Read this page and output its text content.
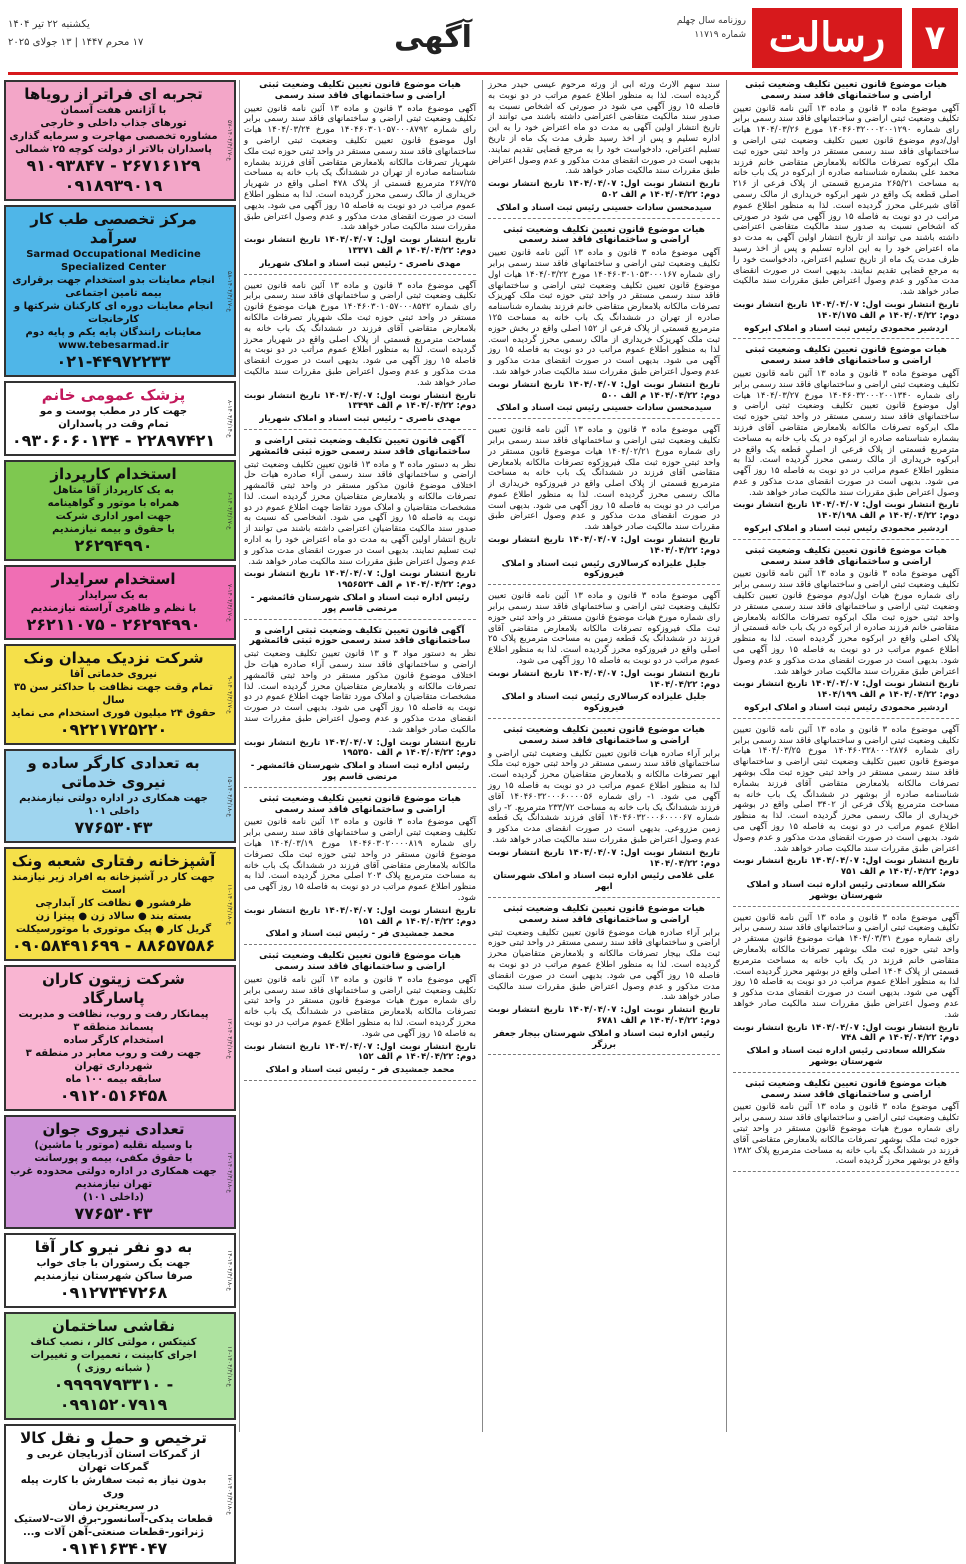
۷
رسالت
روزنامه سال چهلم
شماره ۱۱۷۱۹
آگهی
یکشنبه ۲۲ تیر ۱۴۰۴
۱۷ محرم ۱۴۴۷ | ۱۳ جولای ۲۰۲۵
هیات موضوع قانون تعیین تکلیف وضعیت ثبتی اراضی و ساختمانهای فاقد سند رسمی

آگهی موضوع ماده ۳ قانون و ماده ۱۳ آئین نامه قانون تعیین تکلیف وضعیت ثبتی اراضی و ساختمانهای فاقد سند رسمی برابر رای شماره ۱۴۰۴۶۰۳۲۰۰۰۲۰۰۱۲۹۰ مورخ ۱۴۰۴/۰۳/۲۶ هیات اول/دوم موضوع قانون تعیین تکلیف وضعیت ثبتی اراضی و ساختمانهای فاقد سند رسمی مستقر در واحد ثبتی حوزه ثبت ملک ابرکوه تصرفات مالکانه بلامعارض متقاضی خانم فرزند محمد علی بشماره شناسنامه صادره از ابرکوه در یک باب خانه به مساحت ۲۶۵/۲۱ مترمربع قسمتی از پلاک فرعی از ۲۱۶ اصلی قطعه یک واقع در شهر ابرکوه خریداری از مالک رسمی آقای شیرعلی محرز گردیده است. لذا به منظور اطلاع عموم مراتب در دو نوبت به فاصله ۱۵ روز آگهی می شود در صورتی که اشخاص نسبت به صدور سند مالکیت متقاضی اعتراضی داشته باشند می توانند از تاریخ انتشار اولین آگهی به مدت دو ماه اعتراض خود را به این اداره تسلیم و پس از اخذ رسید ظرف مدت یک ماه از تاریخ تسلیم اعتراض، دادخواست خود را به مرجع قضایی تقدیم نمایند. بدیهی است در صورت انقضای مدت مذکور و عدم وصول اعتراض طبق مقررات سند مالکیت صادر خواهد شد.

تاریخ انتشار نوبت اول: ۱۴۰۴/۰۴/۰۷ تاریخ انتشار نوبت دوم: ۱۴۰۴/۰۴/۲۲ م الف ۱۴۰۴/۱۷۵
اردشیر محمودی رئیس ثبت اسناد و املاک ابرکوه
هیات موضوع قانون تعیین تکلیف وضعیت ثبتی اراضی و ساختمانهای فاقد سند رسمی

آگهی موضوع ماده ۳ قانون و ماده ۱۳ آئین نامه قانون تعیین تکلیف وضعیت ثبتی اراضی و ساختمانهای فاقد سند رسمی برابر رای شماره ۱۴۰۴۶۰۳۲۰۰۰۲۰۰۱۳۴۰ مورخ ۱۴۰۴/۰۳/۲۷ هیات اول موضوع قانون تعیین تکلیف وضعیت ثبتی اراضی و ساختمانهای فاقد سند رسمی مستقر در واحد ثبتی حوزه ثبت ملک ابرکوه تصرفات مالکانه بلامعارض متقاضی آقای فرزند بشماره شناسنامه صادره از ابرکوه در یک باب خانه به مساحت مترمربع قسمتی از پلاک فرعی از اصلی قطعه یک واقع در ابرکوه خریداری از مالک رسمی محرز گردیده است. لذا به منظور اطلاع عموم مراتب در دو نوبت به فاصله ۱۵ روز آگهی می شود. بدیهی است در صورت انقضای مدت مذکور و عدم وصول اعتراض طبق مقررات سند مالکیت صادر خواهد شد.

تاریخ انتشار نوبت اول: ۱۴۰۴/۰۴/۰۷ تاریخ انتشار نوبت دوم: ۱۴۰۴/۰۴/۲۲ م الف ۱۴۰۴/۱۹۸
اردشیر محمودی رئیس ثبت اسناد و املاک ابرکوه
هیات موضوع قانون تعیین تکلیف وضعیت ثبتی اراضی و ساختمانهای فاقد سند رسمی

آگهی موضوع ماده ۳ قانون و ماده ۱۳ آئین نامه قانون تعیین تکلیف وضعیت ثبتی اراضی و ساختمانهای فاقد سند رسمی برابر رای شماره مورخ هیات اول/دوم موضوع قانون تعیین تکلیف وضعیت ثبتی اراضی و ساختمانهای فاقد سند رسمی مستقر در واحد ثبتی حوزه ثبت ملک ابرکوه تصرفات مالکانه بلامعارض متقاضی خانم فرزند صادره از ابرکوه در یک باب خانه قسمتی از پلاک اصلی واقع در ابرکوه محرز گردیده است. لذا به منظور اطلاع عموم مراتب در دو نوبت به فاصله ۱۵ روز آگهی می شود. بدیهی است در صورت انقضای مدت مذکور و عدم وصول اعتراض طبق مقررات سند مالکیت صادر خواهد شد.

تاریخ انتشار نوبت اول: ۱۴۰۴/۰۴/۰۷ تاریخ انتشار نوبت دوم: ۱۴۰۴/۰۴/۲۲ م الف ۱۴۰۴/۱۹۹
اردشیر محمودی رئیس ثبت اسناد و املاک ابرکوه

آگهی موضوع ماده ۳ قانون و ماده ۱۳ آئین نامه قانون تعیین تکلیف وضعیت ثبتی اراضی و ساختمانهای فاقد سند رسمی برابر رای شماره ۱۴۰۴۶۰۳۲۸۰۰۰۲۸۷۶ مورخ ۱۴۰۴/۰۳/۲۵ هیات موضوع قانون تعیین تکلیف وضعیت ثبتی اراضی و ساختمانهای فاقد سند رسمی مستقر در واحد ثبتی حوزه ثبت ملک بوشهر تصرفات مالکانه بلامعارض متقاضی آقای فرزند بشماره شناسنامه صادره از بوشهر در ششدانگ یک باب خانه به مساحت مترمربع پلاک فرعی از ۳۴۰۲ اصلی واقع در بوشهر خریداری از مالک رسمی محرز گردیده است. لذا به منظور اطلاع عموم مراتب در دو نوبت به فاصله ۱۵ روز آگهی می شود. بدیهی است در صورت انقضای مدت مذکور و عدم وصول اعتراض طبق مقررات سند مالکیت صادر خواهد شد.

تاریخ انتشار نوبت اول: ۱۴۰۴/۰۴/۰۷ تاریخ انتشار نوبت دوم: ۱۴۰۴/۰۴/۲۲ م الف ۷۵۱
شکرالله سعادتی رئیس اداره ثبت اسناد و املاک شهرستان بوشهر

آگهی موضوع ماده ۳ قانون و ماده ۱۳ آئین نامه قانون تعیین تکلیف وضعیت ثبتی اراضی و ساختمانهای فاقد سند رسمی برابر رای شماره مورخ ۱۴۰۴/۰۳/۳۱ هیات موضوع قانون مستقر در واحد ثبتی حوزه ثبت ملک بوشهر تصرفات مالکانه بلامعارض متقاضی خانم فرزند در یک باب خانه به مساحت مترمربع قسمتی از پلاک ۱۴۰۴ اصلی واقع در بوشهر محرز گردیده است. لذا به منظور اطلاع عموم مراتب در دو نوبت به فاصله ۱۵ روز آگهی می شود. بدیهی است در صورت انقضای مدت مذکور و عدم وصول اعتراض طبق مقررات سند مالکیت صادر خواهد شد.

تاریخ انتشار نوبت اول: ۱۴۰۴/۰۴/۰۷ تاریخ انتشار نوبت دوم: ۱۴۰۴/۰۴/۲۲ م الف ۷۴۸
شکرالله سعادتی رئیس اداره ثبت اسناد و املاک شهرستان بوشهر
هیات موضوع قانون تعیین تکلیف وضعیت ثبتی اراضی و ساختمانهای فاقد سند رسمی

آگهی موضوع ماده ۳ قانون و ماده ۱۳ آئین نامه قانون تعیین تکلیف وضعیت ثبتی اراضی و ساختمانهای فاقد سند رسمی برابر رای شماره مورخ هیات موضوع قانون مستقر در واحد ثبتی حوزه ثبت ملک بوشهر تصرفات مالکانه بلامعارض متقاضی آقای فرزند در ششدانگ یک باب خانه به مساحت مترمربع پلاک ۱۳۸۲ واقع در بوشهر محرز گردیده است.

سند سهم الارث ورثه ابی از ورثه مرحوم عیسی حیدر محرز گردیده است. لذا به منظور اطلاع عموم مراتب در دو نوبت به فاصله ۱۵ روز آگهی می شود در صورتی که اشخاص نسبت به صدور سند مالکیت متقاضی اعتراضی داشته باشند می توانند از تاریخ انتشار اولین آگهی به مدت دو ماه اعتراض خود را به این اداره تسلیم و پس از اخذ رسید ظرف مدت یک ماه از تاریخ تسلیم اعتراض، دادخواست خود را به مرجع قضایی تقدیم نمایند. بدیهی است در صورت انقضای مدت مذکور و عدم وصول اعتراض طبق مقررات سند مالکیت صادر خواهد شد.

تاریخ انتشار نوبت اول: ۱۴۰۴/۰۴/۰۷ تاریخ انتشار نوبت دوم: ۱۴۰۴/۰۴/۲۲ م الف ۵۰۲
سیدمحسن سادات حسینی رئیس ثبت اسناد و املاک
هیات موضوع قانون تعیین تکلیف وضعیت ثبتی اراضی و ساختمانهای فاقد سند رسمی

آگهی موضوع ماده ۳ قانون و ماده ۱۳ آئین نامه قانون تعیین تکلیف وضعیت ثبتی اراضی و ساختمانهای فاقد سند رسمی برابر رای شماره ۱۴۰۴۶۰۳۰۱۰۵۳۰۰۰۱۶۷ مورخ ۱۴۰۴/۰۳/۲۲ هیات اول موضوع قانون تعیین تکلیف وضعیت ثبتی اراضی و ساختمانهای فاقد سند رسمی مستقر در واحد ثبتی حوزه ثبت ملک کهریزک تصرفات مالکانه بلامعارض متقاضی خانم فرزند بشماره شناسنامه صادره از تهران در ششدانگ یک باب خانه به مساحت ۱۲۵ مترمربع قسمتی از پلاک فرعی از ۱۵۲ اصلی واقع در بخش حوزه ثبت ملک کهریزک خریداری از مالک رسمی محرز گردیده است. لذا به منظور اطلاع عموم مراتب در دو نوبت به فاصله ۱۵ روز آگهی می شود. بدیهی است در صورت انقضای مدت مذکور و عدم وصول اعتراض طبق مقررات سند مالکیت صادر خواهد شد.

تاریخ انتشار نوبت اول: ۱۴۰۴/۰۴/۰۷ تاریخ انتشار نوبت دوم: ۱۴۰۴/۰۴/۲۲ م الف ۵۰۰
سیدمحسن سادات حسینی رئیس ثبت اسناد و املاک

آگهی موضوع ماده ۳ قانون و ماده ۱۳ آئین نامه قانون تعیین تکلیف وضعیت ثبتی اراضی و ساختمانهای فاقد سند رسمی برابر رای شماره مورخ ۱۴۰۴/۰۲/۲۱ هیات موضوع قانون مستقر در واحد ثبتی حوزه ثبت ملک فیروزکوه تصرفات مالکانه بلامعارض متقاضی آقای فرزند در ششدانگ یک باب خانه به مساحت مترمربع قسمتی از پلاک اصلی واقع در فیروزکوه خریداری از مالک رسمی محرز گردیده است. لذا به منظور اطلاع عموم مراتب در دو نوبت به فاصله ۱۵ روز آگهی می شود. بدیهی است در صورت انقضای مدت مذکور و عدم وصول اعتراض طبق مقررات سند مالکیت صادر خواهد شد.

تاریخ انتشار نوبت اول: ۱۴۰۴/۰۴/۰۷ تاریخ انتشار نوبت دوم: ۱۴۰۴/۰۴/۲۲
جلیل علیزاده کرسالاری رئیس ثبت اسناد و املاک فیروزکوه

آگهی موضوع ماده ۳ قانون و ماده ۱۳ آئین نامه قانون تعیین تکلیف وضعیت ثبتی اراضی و ساختمانهای فاقد سند رسمی برابر رای شماره مورخ هیات موضوع قانون مستقر در واحد ثبتی حوزه ثبت ملک فیروزکوه تصرفات مالکانه بلامعارض متقاضی آقای فرزند در ششدانگ یک قطعه زمین به مساحت مترمربع پلاک ۲۵ اصلی واقع در فیروزکوه محرز گردیده است. لذا به منظور اطلاع عموم مراتب در دو نوبت به فاصله ۱۵ روز آگهی می شود.

تاریخ انتشار نوبت اول: ۱۴۰۴/۰۴/۰۷ تاریخ انتشار نوبت دوم: ۱۴۰۴/۰۴/۲۲
جلیل علیزاده کرسالاری رئیس ثبت اسناد و املاک فیروزکوه
هیات موضوع قانون تعیین تکلیف وضعیت ثبتی اراضی و ساختمانهای فاقد سند رسمی

برابر آراء صادره هیات قانون تعیین تکلیف وضعیت ثبتی اراضی و ساختمانهای فاقد سند رسمی مستقر در واحد ثبتی حوزه ثبت ملک ابهر تصرفات مالکانه و بلامعارض متقاضیان محرز گردیده است. لذا به منظور اطلاع عموم مراتب در دو نوبت به فاصله ۱۵ روز آگهی می شود. ۱- رای شماره ۱۴۰۴۶۰۳۲۰۰۰۶۰۰۰۰۵۶ آقای فرزند ششدانگ یک باب خانه به مساحت ۲۳۳/۷۲ مترمربع. ۲- رای شماره ۱۴۰۴۶۰۳۲۰۰۰۶۰۰۰۰۶۷ آقای فرزند ششدانگ یک قطعه زمین مزروعی. بدیهی است در صورت انقضای مدت مذکور و عدم وصول اعتراض طبق مقررات سند مالکیت صادر خواهد شد.

تاریخ انتشار نوبت اول: ۱۴۰۴/۰۴/۰۷ تاریخ انتشار نوبت دوم: ۱۴۰۴/۰۴/۲۲
علی غلامی رئیس اداره ثبت اسناد و املاک شهرستان ابهر
هیات موضوع قانون تعیین تکلیف وضعیت ثبتی اراضی و ساختمانهای فاقد سند رسمی

برابر آراء صادره هیات موضوع قانون تعیین تکلیف وضعیت ثبتی اراضی و ساختمانهای فاقد سند رسمی مستقر در واحد ثبتی حوزه ثبت ملک بیجار تصرفات مالکانه و بلامعارض متقاضیان محرز گردیده است. لذا به منظور اطلاع عموم مراتب در دو نوبت به فاصله ۱۵ روز آگهی می شود. بدیهی است در صورت انقضای مدت مذکور و عدم وصول اعتراض طبق مقررات سند مالکیت صادر خواهد شد.

تاریخ انتشار نوبت اول: ۱۴۰۴/۰۴/۰۷ تاریخ انتشار نوبت دوم: ۱۴۰۴/۰۴/۲۲ م الف ۶۷۸۱
رئیس اداره ثبت اسناد و املاک شهرستان بیجار جعفر برزگر
هیات موضوع قانون تعیین تکلیف وضعیت ثبتی اراضی و ساختمانهای فاقد سند رسمی

آگهی موضوع ماده ۳ قانون و ماده ۱۳ آئین نامه قانون تعیین تکلیف وضعیت ثبتی اراضی و ساختمانهای فاقد سند رسمی برابر رای شماره ۱۴۰۴۶۰۳۰۱۰۵۷۰۰۰۸۷۹۲ مورخ ۱۴۰۴/۰۳/۲۴ هیات اول موضوع قانون تعیین تکلیف وضعیت ثبتی اراضی و ساختمانهای فاقد سند رسمی مستقر در واحد ثبتی حوزه ثبت ملک شهریار تصرفات مالکانه بلامعارض متقاضی آقای فرزند بشماره شناسنامه صادره از تهران در ششدانگ یک باب خانه به مساحت ۲۶۷/۲۵ مترمربع قسمتی از پلاک ۴۷۸ اصلی واقع در شهریار خریداری از مالک رسمی محرز گردیده است. لذا به منظور اطلاع عموم مراتب در دو نوبت به فاصله ۱۵ روز آگهی می شود. بدیهی است در صورت انقضای مدت مذکور و عدم وصول اعتراض طبق مقررات سند مالکیت صادر خواهد شد.

تاریخ انتشار نوبت اول: ۱۴۰۴/۰۴/۰۷ تاریخ انتشار نوبت دوم: ۱۴۰۴/۰۴/۲۲ م الف ۱۳۳۷۱
مهدی ناصری - رئیس ثبت اسناد و املاک شهریار

آگهی موضوع ماده ۳ قانون و ماده ۱۳ آئین نامه قانون تعیین تکلیف وضعیت ثبتی اراضی و ساختمانهای فاقد سند رسمی برابر رای شماره ۱۴۰۴۶۰۳۰۱۰۵۷۰۰۰۸۵۴۲ مورخ هیات موضوع قانون مستقر در واحد ثبتی حوزه ثبت ملک شهریار تصرفات مالکانه بلامعارض متقاضی آقای فرزند در ششدانگ یک باب خانه به مساحت مترمربع قسمتی از پلاک اصلی واقع در شهریار محرز گردیده است. لذا به منظور اطلاع عموم مراتب در دو نوبت به فاصله ۱۵ روز آگهی می شود. بدیهی است در صورت انقضای مدت مذکور و عدم وصول اعتراض طبق مقررات سند مالکیت صادر خواهد شد.

تاریخ انتشار نوبت اول: ۱۴۰۴/۰۴/۰۷ تاریخ انتشار نوبت دوم: ۱۴۰۴/۰۴/۲۲ م الف ۱۳۴۹۴
مهدی ناصری - رئیس ثبت اسناد و املاک شهریار
آگهی قانون تعیین تکلیف وضعیت ثبتی اراضی و ساختمانهای فاقد سند رسمی حوزه ثبتی قائمشهر

نظر به دستور ماده ۳ و ماده ۱۳ قانون تعیین تکلیف وضعیت ثبتی اراضی و ساختمانهای فاقد سند رسمی آراء صادره هیات حل اختلاف موضوع قانون مذکور مستقر در واحد ثبتی قائمشهر تصرفات مالکانه و بلامعارض متقاضیان محرز گردیده است. لذا مشخصات متقاضیان و املاک مورد تقاضا جهت اطلاع عموم در دو نوبت به فاصله ۱۵ روز آگهی می شود. اشخاصی که نسبت به صدور سند مالکیت متقاضیان اعتراضی داشته باشند می توانند از تاریخ انتشار اولین آگهی به مدت دو ماه اعتراض خود را به اداره ثبت تسلیم نمایند. بدیهی است در صورت انقضای مدت مذکور و عدم وصول اعتراض طبق مقررات سند مالکیت صادر خواهد شد.

تاریخ انتشار نوبت اول: ۱۴۰۴/۰۴/۰۷ تاریخ انتشار نوبت دوم: ۱۴۰۴/۰۴/۲۲ م الف ۱۹۵۶۵۲۴
رئیس اداره ثبت اسناد و املاک شهرستان قائمشهر - مرتضی قاسم پور
آگهی قانون تعیین تکلیف وضعیت ثبتی اراضی و ساختمانهای فاقد سند رسمی حوزه ثبتی قائمشهر

نظر به دستور مواد ۳ و ۱۳ قانون تعیین تکلیف وضعیت ثبتی اراضی و ساختمانهای فاقد سند رسمی آراء صادره هیات حل اختلاف موضوع قانون مذکور مستقر در واحد ثبتی قائمشهر تصرفات مالکانه و بلامعارض متقاضیان محرز گردیده است. لذا مشخصات متقاضیان و املاک مورد تقاضا جهت اطلاع عموم در دو نوبت به فاصله ۱۵ روز آگهی می شود. بدیهی است در صورت انقضای مدت مذکور و عدم وصول اعتراض طبق مقررات سند مالکیت صادر خواهد شد.

تاریخ انتشار نوبت اول: ۱۴۰۴/۰۴/۰۷ تاریخ انتشار نوبت دوم: ۱۴۰۴/۰۴/۲۲ م الف ۱۹۵۳۵۰
رئیس اداره ثبت اسناد و املاک شهرستان قائمشهر - مرتضی قاسم پور
هیات موضوع قانون تعیین تکلیف وضعیت ثبتی اراضی و ساختمانهای فاقد سند رسمی

آگهی موضوع ماده ۳ قانون و ماده ۱۳ آئین نامه قانون تعیین تکلیف وضعیت ثبتی اراضی و ساختمانهای فاقد سند رسمی برابر رای شماره ۱۴۰۴۶۰۳۰۲۰۰۰۰۸۱۹ مورخ ۱۴۰۴/۰۳/۱۹ هیات موضوع قانون مستقر در واحد ثبتی حوزه ثبت ملک تصرفات مالکانه بلامعارض متقاضی آقای فرزند در ششدانگ یک باب خانه به مساحت مترمربع پلاک ۲۰۳ اصلی محرز گردیده است. لذا به منظور اطلاع عموم مراتب در دو نوبت به فاصله ۱۵ روز آگهی می شود.

تاریخ انتشار نوبت اول: ۱۴۰۴/۰۴/۰۷ تاریخ انتشار نوبت دوم: ۱۴۰۴/۰۴/۲۲ م الف ۱۵۱
محمد جمشیدی فر - رئیس ثبت اسناد و املاک
هیات موضوع قانون تعیین تکلیف وضعیت ثبتی اراضی و ساختمانهای فاقد سند رسمی

آگهی موضوع ماده ۳ قانون و ماده ۱۳ آئین نامه قانون تعیین تکلیف وضعیت ثبتی اراضی و ساختمانهای فاقد سند رسمی برابر رای شماره مورخ هیات موضوع قانون مستقر در واحد ثبتی تصرفات مالکانه بلامعارض متقاضی در ششدانگ یک باب خانه محرز گردیده است. لذا به منظور اطلاع عموم مراتب در دو نوبت به فاصله ۱۵ روز آگهی می شود.

تاریخ انتشار نوبت اول: ۱۴۰۴/۰۴/۰۷ تاریخ انتشار نوبت دوم: ۱۴۰۴/۰۴/۲۲ م الف ۱۵۲
محمد جمشیدی فر - رئیس ثبت اسناد و املاک
ع-۱۴۰۴/۴/۱۷-۵۷
تجربه ای فراتر از رویاها
با آژانس هفت آسمان
تورهای جذاب داخلی و خارجی
مشاوره تخصصی مهاجرت و سرمایه گذاری
پاسداران بالاتر از دولت کوچه ۲۵ شمالی
۹۱۰۹۳۸۴۷ - ۲۶۷۱۶۱۲۹
۰۹۱۸۹۳۹۰۱۹
ع-۱۴۰۴/۴/۱۷-۵۸
مرکز تخصصی طب کار سرآمد
Sarmad Occupational Medicine Specialized Center
انجام معاینات بدو استخدام جهت برقراری بیمه تامین اجتماعی
انجام معاینات دوره ای کارکنان شرکتها و کارخانجات
معاینات رانندگان پایه یکم و پایه دوم
www.tebesarmad.ir
۰۲۱-۴۴۹۷۲۲۳۳
ع-۱۴۰۴/۴/۱۴-۸
پزشک عمومی خانم
جهت کار در مطب پوست و مو
تمام وقت در پاسداران
۰۹۳۰۶۰۶۰۱۳۴ - ۲۲۸۹۷۴۲۱
ع-۱۴۰۴/۴/۱۷-۶
استخدام کارپرداز
به یک کارپرداز آقا متاهل
همراه با موتور و گواهینامه
جهت امور اداری شرکت
با حقوق و بیمه نیازمندیم
۲۶۲۹۴۹۹۰
ع-۱۴۰۴/۴/۱۷-۷
استخدام سرایدار
به یک سرایدار
با نظم و ظاهری آراسته نیازمندیم
۲۶۲۱۱۰۷۵ - ۲۶۲۹۴۹۹۰
ع-۱۴۰۴/۴/۱۷-۹
شرکت نزدیک میدان ونک
نیروی خدماتی آقا
تمام وقت جهت نظافت با حداکثر سن ۳۵ سال
حقوق ۲۴ میلیون فوری استخدام می نماید
۰۹۲۲۱۷۲۵۲۲۰
ع-۱۴۰۴/۴/۱۸-۱۵
به تعدادی کارگر ساده و نیروی خدماتی
جهت همکاری در اداره دولتی نیازمندیم
داخلی ۱۰۱
۷۷۶۵۳۰۴۳
ع-۱۴۰۴/۴/۱۸-۱۱
آشپزخانه رفتاری شعبه ونک
جهت کار در آشپزخانه به افراد زیر نیازمند است
ظرفشور ● نظافت کار آبدارچی
بسته بند ● سالاد زن ● پیتزا زن
گریل کار ● پیک موتوری با موتورسیکلت
۰۹۰۵۸۴۹۱۶۹۹ - ۸۸۶۵۷۵۸۶
ع-۱۴۰۴/۴/۱۸-۱۲
شرکت زیتون کاران پاسارگاد
پیمانکار رفت و روب، نظافت و مدیریت پسماند منطقه ۳
استخدام کارگر ساده
جهت رفت و روب معابر در منطقه ۳ شهرداری تهران
سابقه بیمه ۱۰۰ ماه
۰۹۱۲۰۵۱۶۴۵۸
ع-۱۴۰۴/۴/۱۸-۱۳
تعدادی نیروی جوان
با وسیله نقلیه (موتور یا ماشین)
با حقوق مکفی، بیمه و پورسانت
جهت همکاری در اداره دولتی محدوده غرب تهران نیازمندیم
(داخلی ۱۰۱)
۷۷۶۵۳۰۴۳
ع-۱۴۰۴/۴/۱۸-۱۴
به دو نفر نیرو کار آقا
جهت یک رستوران با جای خواب
صرفا ساکن شهرستان نیازمندیم
۰۹۱۲۷۳۴۷۲۶۸
ع-۱۴۰۴/۴/۱۸-۱۶
نقاشی ساختمان
کنیتکس ، مولتی کالر ، نصب کناف
اجرای کابینت ، تعمیرات و تغییرات
( شبانه روزی )
۰۹۹۹۹۷۹۳۳۱۰ - ۰۹۹۱۵۲۰۷۹۱۹
ع-۱۴۰۴/۴/۱۸-۱۷
ترخیص و حمل و نقل کالا
از گمرکات استان آذربایجان غربی و گمرکات تهران
بدون نیاز به ثبت سفارش با کارت پیله وری
در سریعترین زمان
قطعات یدکی-آسانسور-برق الات-لاستیک
ژنراتور-قطعات صنعتی-آهن آلات و...
۰۹۱۴۱۶۳۴۰۴۷
